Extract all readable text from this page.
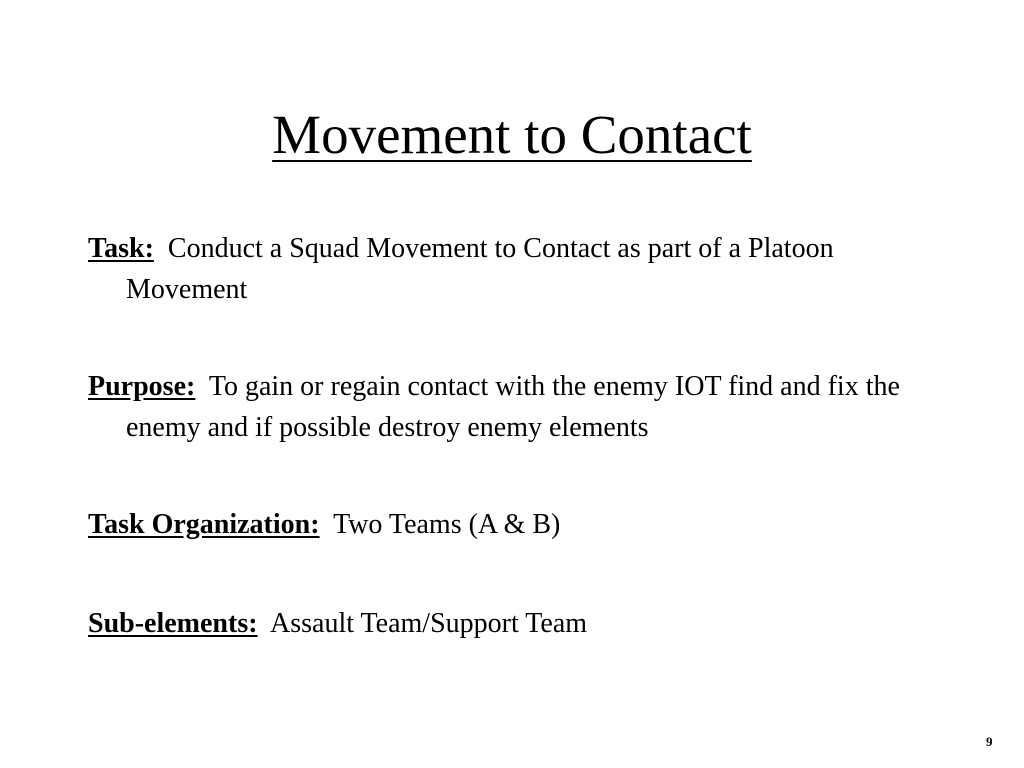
Movement to Contact

Task: Conduct a Squad Movement to Contact as part of a Platoon Movement

Purpose: To gain or regain contact with the enemy IOT find and fix the enemy and if possible destroy enemy elements

Task Organization: Two Teams (A & B)

Sub-elements: Assault Team/Support Team

9
